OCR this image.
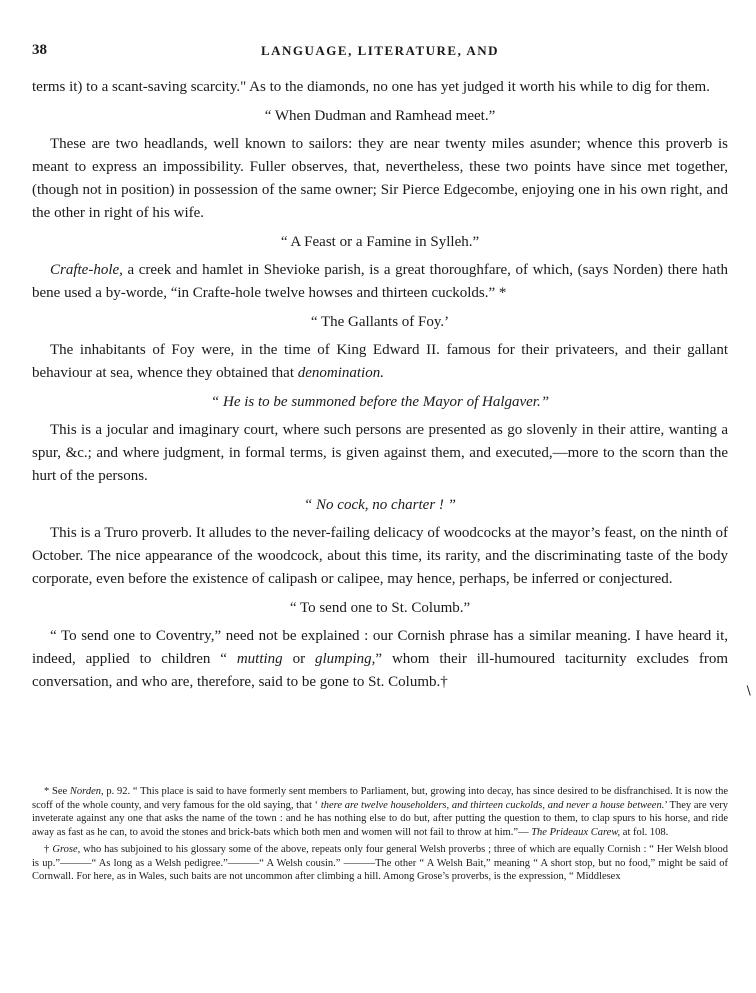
38	LANGUAGE, LITERATURE, AND

terms it) to a scant-saving scarcity." As to the diamonds, no one has yet judged it worth his while to dig for them.

“ When Dudman and Ramhead meet.”

These are two headlands, well known to sailors: they are near twenty miles asunder; whence this proverb is meant to express an impossibility. Fuller observes, that, nevertheless, these two points have since met together, (though not in position) in possession of the same owner; Sir Pierce Edgecombe, enjoying one in his own right, and the other in right of his wife.

“ A Feast or a Famine in Sylleh.”

Crafte-hole, a creek and hamlet in Shevioke parish, is a great thoroughfare, of which, (says Norden) there hath bene used a by-worde, “in Crafte-hole twelve howses and thirteen cuckolds.” *

“ The Gallants of Foy.’

The inhabitants of Foy were, in the time of King Edward II. famous for their privateers, and their gallant behaviour at sea, whence they obtained that denomination.

“ He is to be summoned before the Mayor of Halgaver.”

This is a jocular and imaginary court, where such persons are presented as go slovenly in their attire, wanting a spur, &c.; and where judgment, in formal terms, is given against them, and executed,—more to the scorn than the hurt of the persons.

“ No cock, no charter ! ”

This is a Truro proverb. It alludes to the never-failing delicacy of woodcocks at the mayor’s feast, on the ninth of October. The nice appearance of the woodcock, about this time, its rarity, and the discriminating taste of the body corporate, even before the existence of calipash or calipee, may hence, perhaps, be inferred or conjectured.

“ To send one to St. Columb.”

“ To send one to Coventry,” need not be explained : our Cornish phrase has a similar meaning. I have heard it, indeed, applied to children “ mutting or glumping,” whom their ill-humoured taciturnity excludes from conversation, and who are, therefore, said to be gone to St. Columb.†

∖

* See Norden, p. 92. “ This place is said to have formerly sent members to Parliament, but, growing into decay, has since desired to be disfranchised. It is now the scoff of the whole county, and very famous for the old saying, that ‘ there are twelve householders, and thirteen cuckolds, and never a house between.’ They are very inveterate against any one that asks the name of the town : and he has nothing else to do but, after putting the question to them, to clap spurs to his horse, and ride away as fast as he can, to avoid the stones and brick-bats which both men and women will not fail to throw at him.”— The Prideaux Carew, at fol. 108.

† Grose, who has subjoined to his glossary some of the above, repeats only four general Welsh proverbs ; three of which are equally Cornish : “ Her Welsh blood is up.”———“ As long as a Welsh pedigree.”———“ A Welsh cousin.” ———The other “ A Welsh Bait,” meaning “ A short stop, but no food,” might be said of Cornwall. For here, as in Wales, such baits are not uncommon after climbing a hill. Among Grose’s proverbs, is the expression, “ Middlesex
